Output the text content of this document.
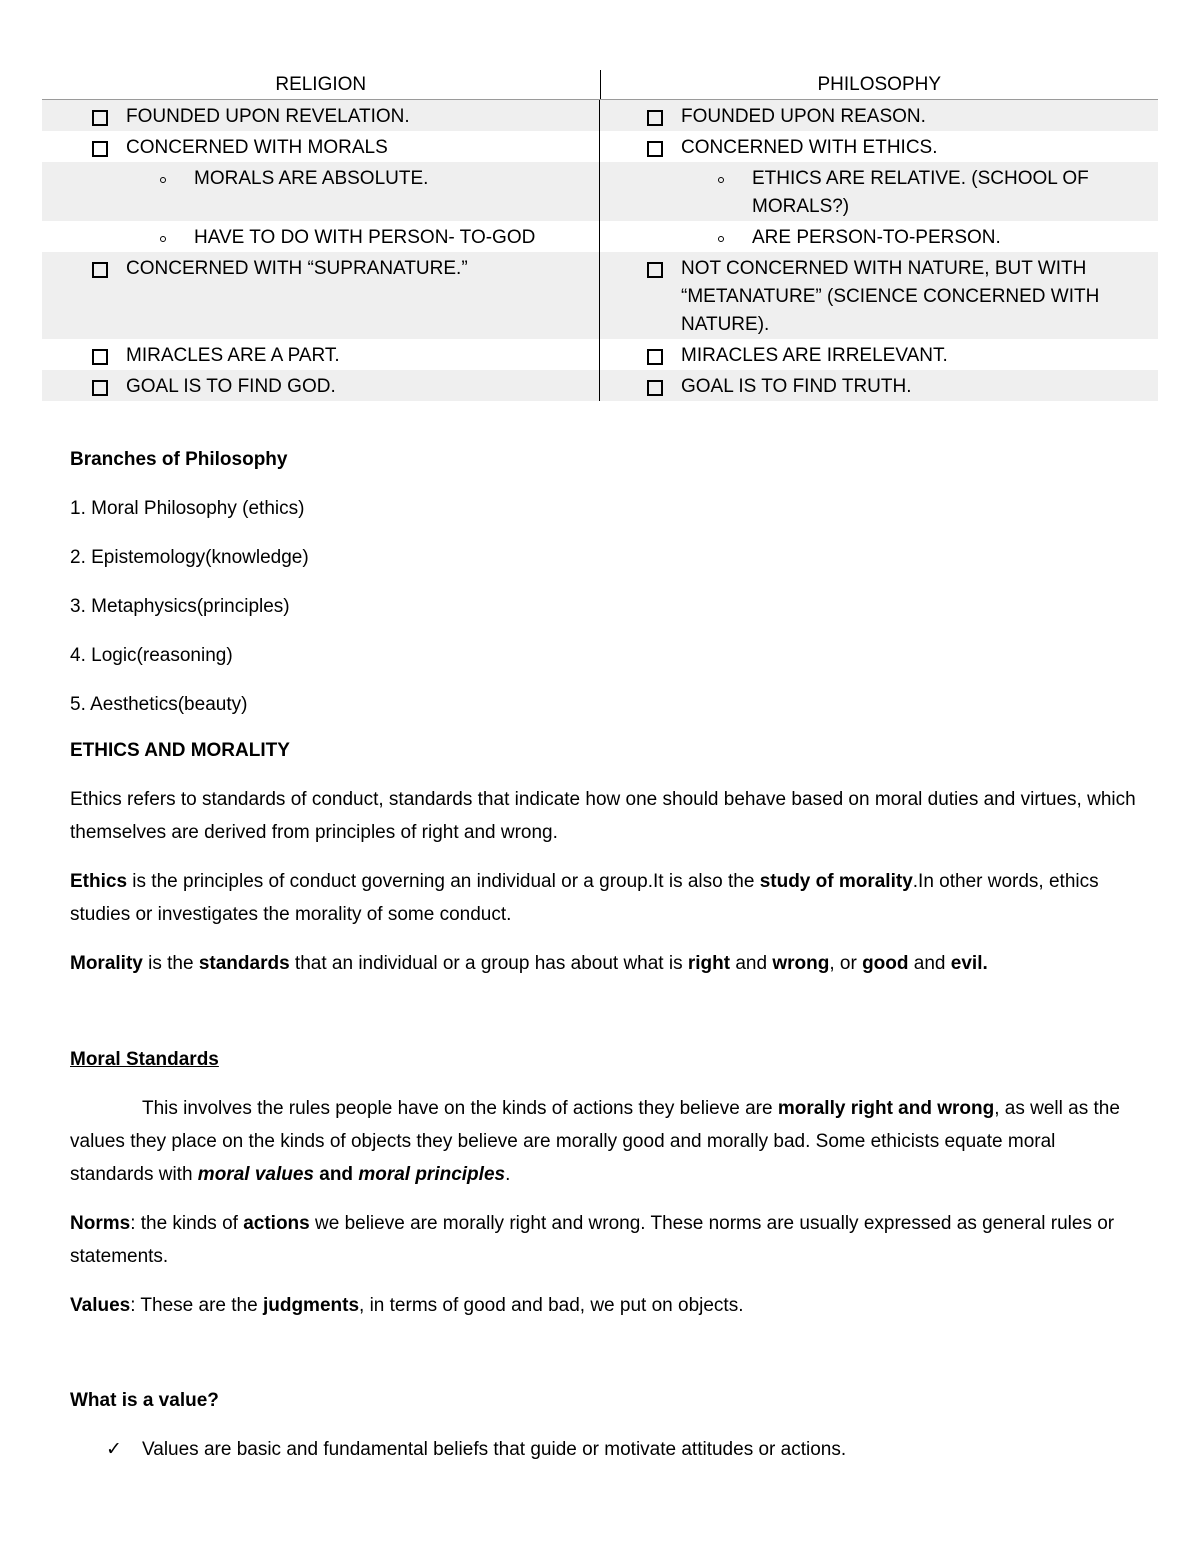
RELIGION	PHILOSOPHY
FOUNDED UPON REVELATION.	FOUNDED UPON REASON.
CONCERNED WITH MORALS	CONCERNED WITH ETHICS.
MORALS ARE ABSOLUTE.	ETHICS ARE RELATIVE. (SCHOOL OF MORALS?)
HAVE TO DO WITH PERSON- TO-GOD	ARE PERSON-TO-PERSON.
CONCERNED WITH “SUPRANATURE.”	NOT CONCERNED WITH NATURE, BUT WITH “METANATURE” (SCIENCE CONCERNED WITH NATURE).
MIRACLES ARE A PART.	MIRACLES ARE IRRELEVANT.
GOAL IS TO FIND GOD.	GOAL IS TO FIND TRUTH.
Branches of Philosophy
1. Moral Philosophy (ethics)
2. Epistemology(knowledge)
3. Metaphysics(principles)
4. Logic(reasoning)
5. Aesthetics(beauty)
ETHICS AND MORALITY
Ethics refers to standards of conduct, standards that indicate how one should behave based on moral duties and virtues, which themselves are derived from principles of right and wrong.
Ethics is the principles of conduct governing an individual or a group.It is also the study of morality.In other words, ethics studies or investigates the morality of some conduct.
Morality is the standards that an individual or a group has about what is right and wrong, or good and evil.
Moral Standards
This involves the rules people have on the kinds of actions they believe are morally right and wrong, as well as the values they place on the kinds of objects they believe are morally good and morally bad. Some ethicists equate moral standards with moral values and moral principles.
Norms: the kinds of actions we believe are morally right and wrong. These norms are usually expressed as general rules or statements.
Values: These are the judgments, in terms of good and bad, we put on objects.
What is a value?
✓ Values are basic and fundamental beliefs that guide or motivate attitudes or actions.
